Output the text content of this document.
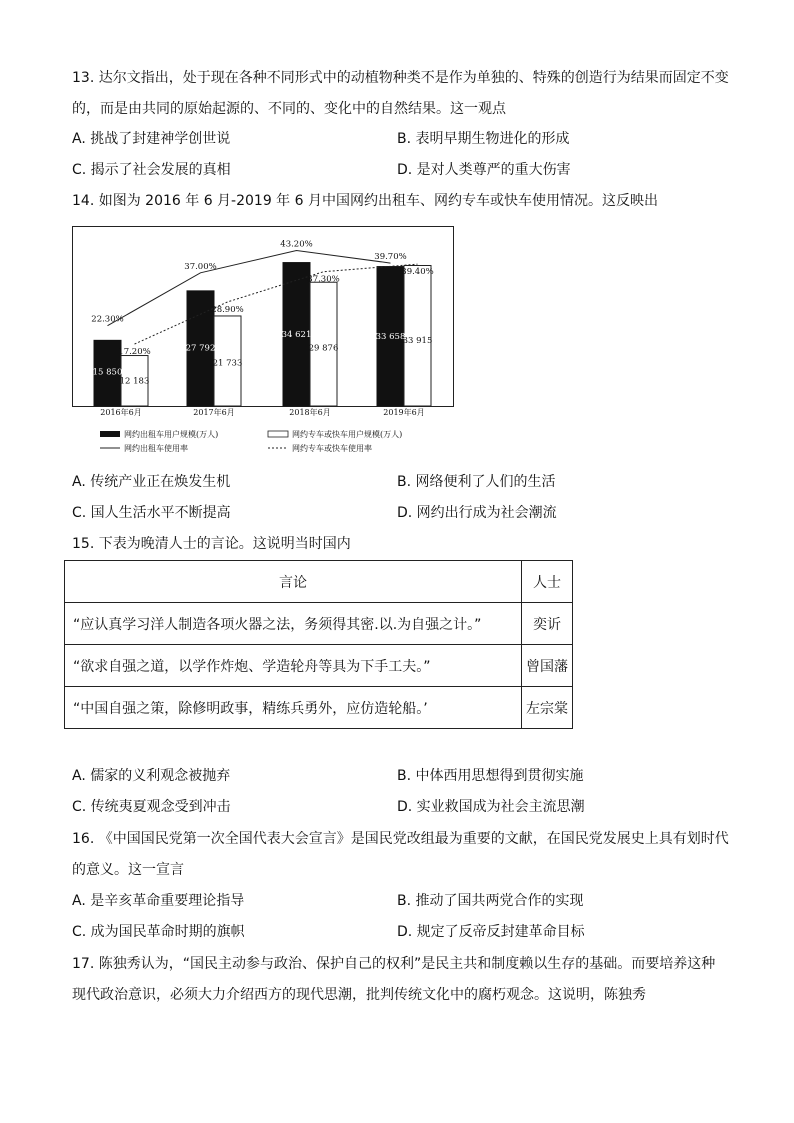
13. 达尔文指出，处于现在各种不同形式中的动植物种类不是作为单独的、特殊的创造行为结果而固定不变
的，而是由共同的原始起源的、不同的、变化中的自然结果。这一观点
A. 挑战了封建神学创世说	B. 表明早期生物进化的形成
C. 揭示了社会发展的真相	D. 是对人类尊严的重大伤害
14. 如图为 2016 年 6 月-2019 年 6 月中国网约出租车、网约专车或快车使用情况。这反映出
15 850
12 183
27 792
21 733
34 621
29 876
33 658
33 915
22.30%
37.00%
43.20%
39.70%
17.20%
28.90%
37.30%
39.40%
2016年6月	2017年6月	2018年6月	2019年6月
网约出租车用户规模(万人)	网约专车或快车用户规模(万人)
网约出租车使用率	网约专车或快车使用率
A. 传统产业正在焕发生机	B. 网络便利了人们的生活
C. 国人生活水平不断提高	D. 网约出行成为社会潮流
15. 下表为晚清人士的言论。这说明当时国内
言论	人士
“应认真学习洋人制造各项火器之法，务须得其密.以.为自强之计。”	奕䜣
“欲求自强之道，以学作炸炮、学造轮舟等具为下手工夫。”	曾国藩
“中国自强之策，除修明政事，精练兵勇外，应仿造轮船。’	左宗棠
A. 儒家的义利观念被抛弃	B. 中体西用思想得到贯彻实施
C. 传统夷夏观念受到冲击	D. 实业救国成为社会主流思潮
16. 《中国国民党第一次全国代表大会宣言》是国民党改组最为重要的文献，在国民党发展史上具有划时代
的意义。这一宣言
A. 是辛亥革命重要理论指导	B. 推动了国共两党合作的实现
C. 成为国民革命时期的旗帜	D. 规定了反帝反封建革命目标
17. 陈独秀认为，“国民主动参与政治、保护自己的权利”是民主共和制度赖以生存的基础。而要培养这种
现代政治意识，必须大力介绍西方的现代思潮，批判传统文化中的腐朽观念。这说明，陈独秀
